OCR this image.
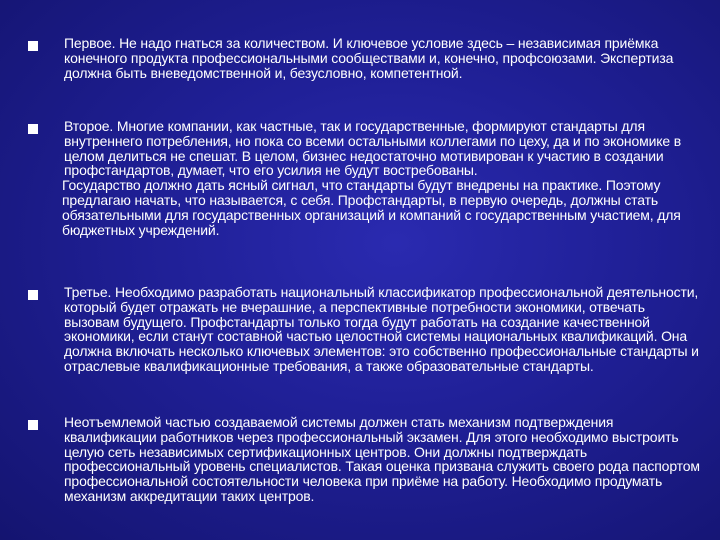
Первое. Не надо гнаться за количеством. И ключевое условие здесь – независимая приёмка конечного продукта профессиональными сообществами и, конечно, профсоюзами. Экспертиза должна быть вневедомственной и, безусловно, компетентной.

Второе. Многие компании, как частные, так и государственные, формируют стандарты для внутреннего потребления, но пока со всеми остальными коллегами по цеху, да и по экономике в целом делиться не спешат. В целом, бизнес недостаточно мотивирован к участию в создании профстандартов, думает, что его усилия не будут востребованы.

Государство должно дать ясный сигнал, что стандарты будут внедрены на практике. Поэтому предлагаю начать, что называется, с себя. Профстандарты, в первую очередь, должны стать обязательными для государственных организаций и компаний с государственным участием, для бюджетных учреждений.

Третье. Необходимо разработать национальный классификатор профессиональной деятельности, который будет отражать не вчерашние, а перспективные потребности экономики, отвечать вызовам будущего. Профстандарты только тогда будут работать на создание качественной экономики, если станут составной частью целостной системы национальных квалификаций. Она должна включать несколько ключевых элементов: это собственно профессиональные стандарты и отраслевые квалификационные требования, а также образовательные стандарты.

Неотъемлемой частью создаваемой системы должен стать механизм подтверждения квалификации работников через профессиональный экзамен. Для этого необходимо выстроить целую сеть независимых сертификационных центров. Они должны подтверждать профессиональный уровень специалистов. Такая оценка призвана служить своего рода паспортом профессиональной состоятельности человека при приёме на работу. Необходимо продумать механизм аккредитации таких центров.
